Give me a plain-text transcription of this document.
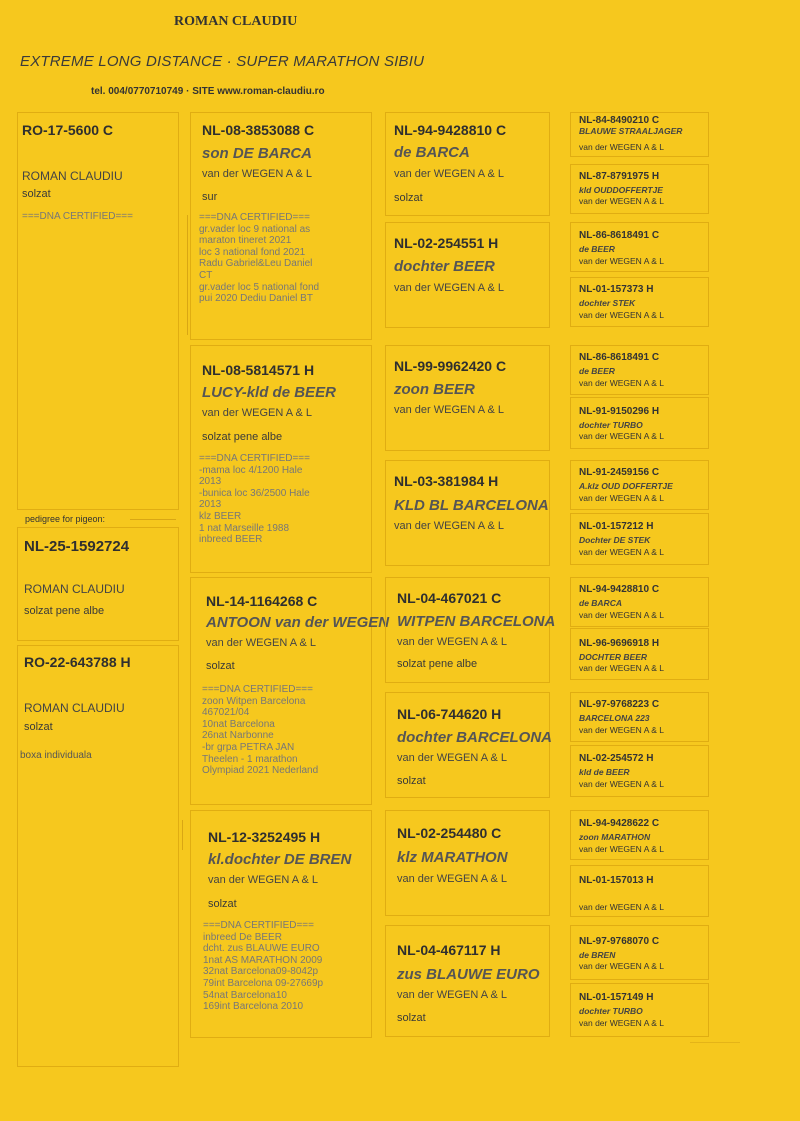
ROMAN CLAUDIU
EXTREME LONG DISTANCE · SUPER MARATHON SIBIU
tel. 004/0770710749 · SITE www.roman-claudiu.ro
RO-17-5600 C
ROMAN CLAUDIU
solzat
===DNA CERTIFIED===
pedigree for pigeon:
NL-25-1592724
ROMAN CLAUDIU
solzat pene albe
RO-22-643788 H
ROMAN CLAUDIU
solzat
boxa individuala
NL-08-3853088 C
son DE BARCA
van der WEGEN A & L
sur
===DNA CERTIFIED===
gr.vader loc 9 national as
maraton tineret 2021
loc 3 national fond 2021
Radu Gabriel&Leu Daniel
CT
gr.vader loc 5 national fond
pui 2020 Dediu Daniel BT
NL-08-5814571 H
LUCY-kld de BEER
van der WEGEN A & L
solzat pene albe
===DNA CERTIFIED===
-mama loc 4/1200 Hale
2013
-bunica loc 36/2500 Hale
2013
klz BEER
1 nat Marseille 1988
inbreed BEER
NL-14-1164268 C
ANTOON van der WEGEN
van der WEGEN A & L
solzat
===DNA CERTIFIED===
zoon Witpen Barcelona
467021/04
10nat Barcelona
26nat Narbonne
-br grpa PETRA JAN
Theelen - 1 marathon
Olympiad 2021 Nederland
NL-12-3252495 H
kl.dochter DE BREN
van der WEGEN A & L
solzat
===DNA CERTIFIED===
inbreed De BEER
dcht. zus BLAUWE EURO
1nat AS MARATHON 2009
32nat Barcelona09-8042p
79int Barcelona 09-27669p
54nat Barcelona10
169int Barcelona 2010
NL-94-9428810 C
de BARCA
van der WEGEN A & L
solzat
NL-02-254551 H
dochter BEER
van der WEGEN A & L
NL-99-9962420 C
zoon BEER
van der WEGEN A & L
NL-03-381984 H
KLD BL BARCELONA
van der WEGEN A & L
NL-04-467021 C
WITPEN BARCELONA
van der WEGEN A & L
solzat pene albe
NL-06-744620 H
dochter BARCELONA
van der WEGEN A & L
solzat
NL-02-254480 C
klz MARATHON
van der WEGEN A & L
NL-04-467117 H
zus BLAUWE EURO
van der WEGEN A & L
solzat
NL-84-8490210 C
BLAUWE STRAALJAGER
van der WEGEN A & L
NL-87-8791975 H
kld OUDDOFFERTJE
van der WEGEN A & L
NL-86-8618491 C
de BEER
van der WEGEN A & L
NL-01-157373 H
dochter STEK
van der WEGEN A & L
NL-86-8618491 C
de BEER
van der WEGEN A & L
NL-91-9150296 H
dochter TURBO
van der WEGEN A & L
NL-91-2459156 C
A.klz OUD DOFFERTJE
van der WEGEN A & L
NL-01-157212 H
Dochter DE STEK
van der WEGEN A & L
NL-94-9428810 C
de BARCA
van der WEGEN A & L
NL-96-9696918 H
DOCHTER BEER
van der WEGEN A & L
NL-97-9768223 C
BARCELONA 223
van der WEGEN A & L
NL-02-254572 H
kld de BEER
van der WEGEN A & L
NL-94-9428622 C
zoon MARATHON
van der WEGEN A & L
NL-01-157013 H
van der WEGEN A & L
NL-97-9768070 C
de BREN
van der WEGEN A & L
NL-01-157149 H
dochter TURBO
van der WEGEN A & L
